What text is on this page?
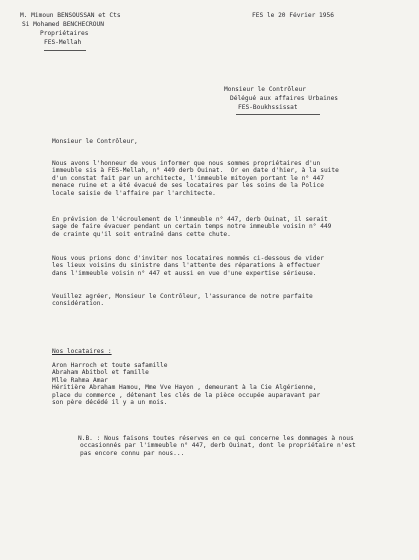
M. Mimoun BENSOUSSAN et Cts
Si Mohamed BENCHECROUN
Propriétaires
FES-Mellah
FES le 20 Février 1956
Monsieur le Contrôleur
Délégué aux affaires Urbaines
FES-Boukhssissat
Monsieur le Contrôleur,
Nous avons l'honneur de vous informer que nous sommes propriétaires d'un
immeuble sis à FES-Mellah, n° 449 derb Ouinat.  Or en date d'hier, à la suite
d'un constat fait par un architecte, l'immeuble mitoyen portant le n° 447
menace ruine et a été évacué de ses locataires par les soins de la Police
locale saisie de l'affaire par l'architecte.
En prévision de l'écroulement de l'immeuble n° 447, derb Ouinat, il serait
sage de faire évacuer pendant un certain temps notre immeuble voisin n° 449
de crainte qu'il soit entraîné dans cette chute.
Nous vous prions donc d'inviter nos locataires nommés ci-dessous de vider
les lieux voisins du sinistre dans l'attente des réparations à effectuer
dans l'immeuble voisin n° 447 et aussi en vue d'une expertise sérieuse.
Veuillez agréer, Monsieur le Contrôleur, l'assurance de notre parfaite
considération.
Nos locataires :
Aron Harroch et toute safamille
Abraham Abitbol et famille
Mlle Rahma Amar
Héritière Abraham Hamou, Mme Vve Hayon , demeurant à la Cie Algérienne,
place du commerce , détenant les clés de la pièce occupée auparavant par
son père décédé il y a un mois.
N.B. : Nous faisons toutes réserves en ce qui concerne les dommages à nous
occasionnés par l'immeuble n° 447, derb Ouinat, dont le propriétaire n'est
pas encore connu par nous...
